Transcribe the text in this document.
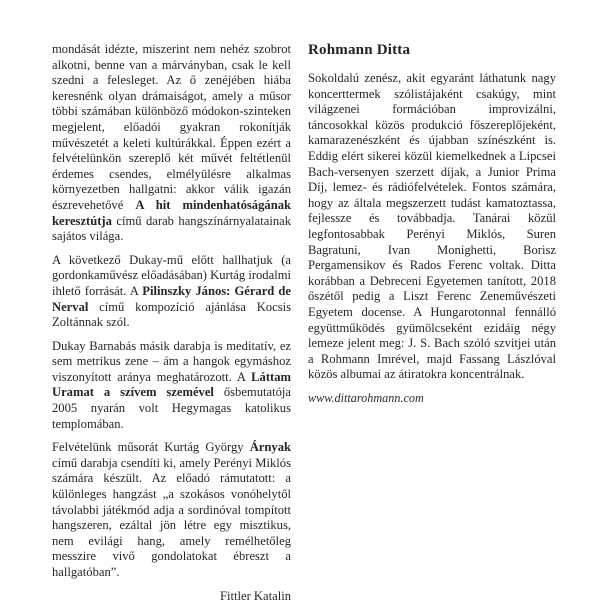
mondását idézte, miszerint nem nehéz szobrot alkotni, benne van a márványban, csak le kell szedni a felesleget. Az ő zenéjében hiába keresnénk olyan drámaiságot, amely a műsor többi számában különböző módokon-szinteken megjelent, előadói gyakran rokonítják művészetét a keleti kultúrákkal. Éppen ezért a felvételünkön szereplő két művét feltétlenül érdemes csendes, elmélyülésre alkalmas környezetben hallgatni: akkor válik igazán észrevehetővé A hit mindenhatóságának keresztútja című darab hangszínárnyalatainak sajátos világa.

A következő Dukay-mű előtt hallhatjuk (a gordonkaművész előadásában) Kurtág irodalmi ihlető forrását. A Pilinszky János: Gérard de Nerval című kompozíció ajánlása Kocsis Zoltánnak szól.

Dukay Barnabás másik darabja is meditatív, ez sem metrikus zene – ám a hangok egymáshoz viszonyított aránya meghatározott. A Láttam Uramat a szívem szemével ősbemutatója 2005 nyarán volt Hegymagas katolikus templomában.

Felvételünk műsorát Kurtág György Árnyak című darabja csendíti ki, amely Perényi Miklós számára készült. Az előadó rámutatott: a különleges hangzást „a szokásos vonóhelytől távolabbi játékmód adja a sordinóval tompított hangszeren, ezáltal jön létre egy misztikus, nem evilági hang, amely remélhetőleg messzire vivő gondolatokat ébreszt a hallgatóban”.

Fittler Katalin
Rohmann Ditta

Sokoldalú zenész, akit egyaránt láthatunk nagy koncerttermek szólistájaként csakúgy, mint világzenei formációban improvizálni, táncosokkal közös produkció főszereplőjeként, kamarazenészként és újabban színészként is. Eddig elért sikerei közül kiemelkednek a Lipcsei Bach-versenyen szerzett díjak, a Junior Prima Díj, lemez- és rádiófelvételek. Fontos számára, hogy az általa megszerzett tudást kamatoztassa, fejlessze és továbbadja. Tanárai közül legfontosabbak Perényi Miklós, Suren Bagratuni, Ivan Monighetti, Borisz Pergamensikov és Rados Ferenc voltak. Ditta korábban a Debreceni Egyetemen tanított, 2018 őszétől pedig a Liszt Ferenc Zeneművészeti Egyetem docense. A Hungarotonnal fennálló együttműködés gyümölcseként ezidáig négy lemeze jelent meg: J. S. Bach szóló szvitjei után a Rohmann Imrével, majd Fassang Lászlóval közös albumai az átiratokra koncentrálnak.

www.dittarohmann.com
